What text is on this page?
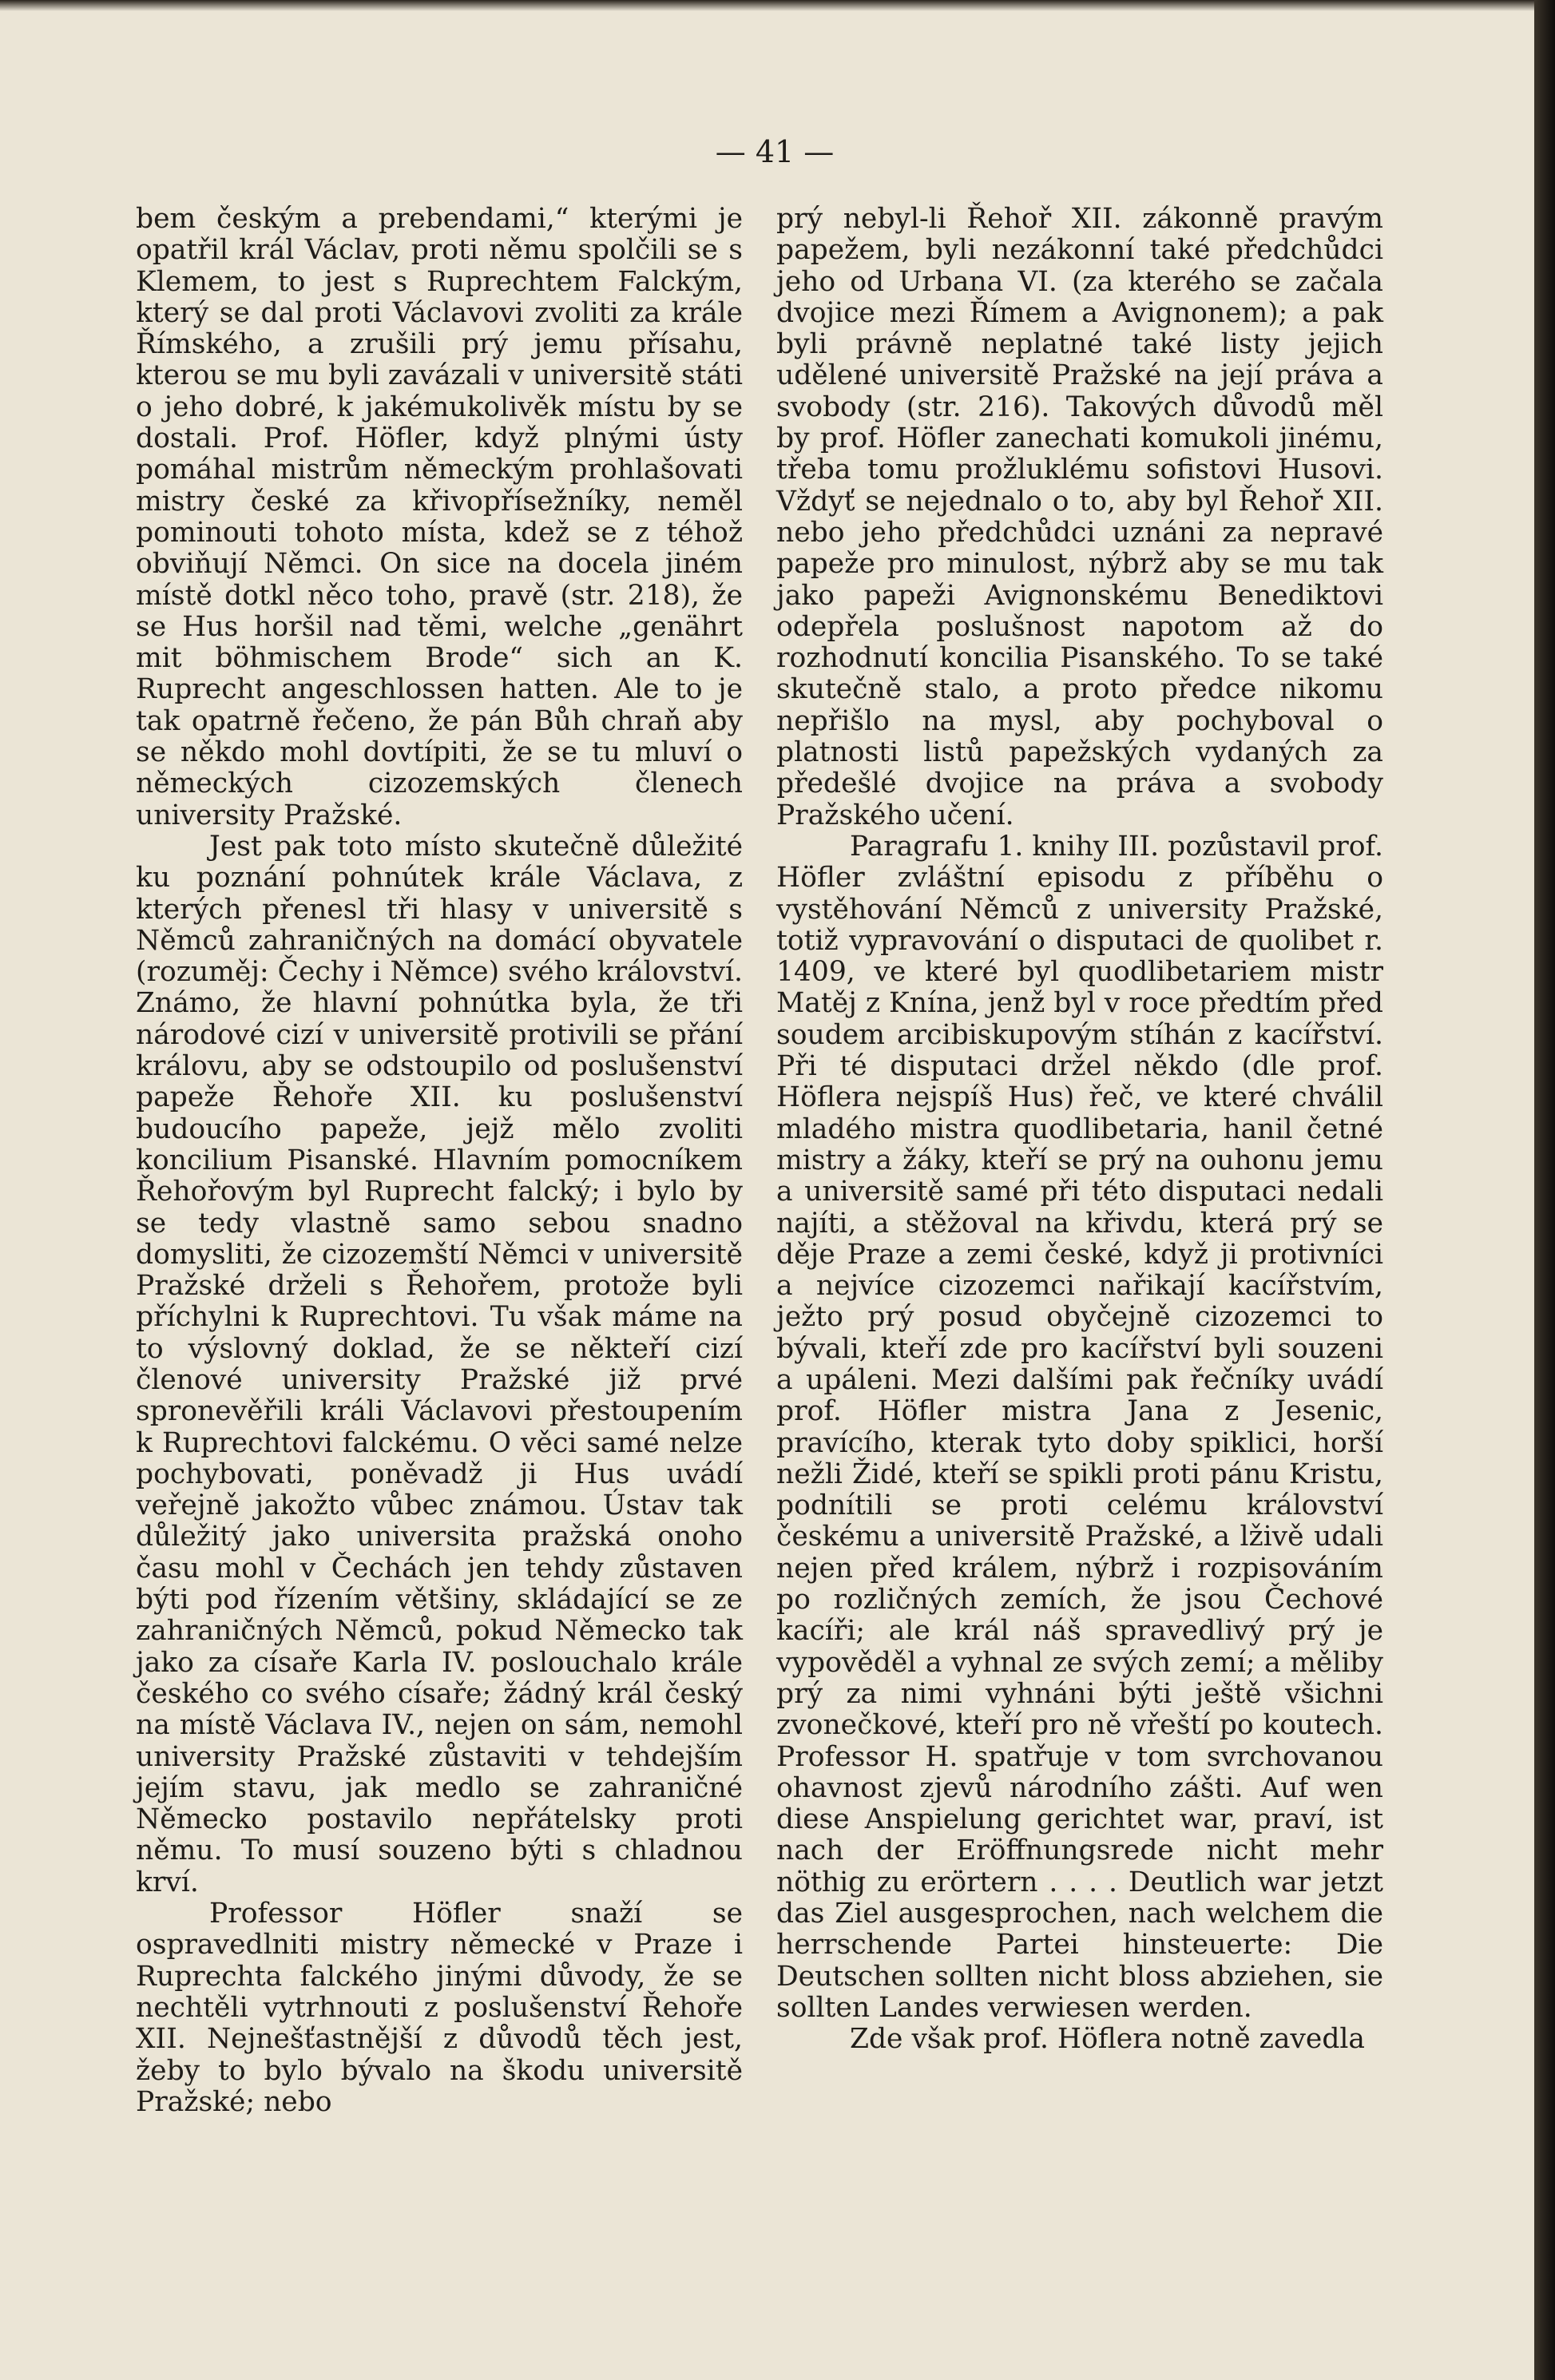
— 41 —

bem českým a prebendami,“ kterými je opatřil král Václav, proti němu spolčili se s Klemem, to jest s Ruprechtem Falckým, který se dal proti Václavovi zvoliti za krále Římského, a zrušili prý jemu přísahu, kterou se mu byli zavázali v universitě státi o jeho dobré, k jakémukolivěk místu by se dostali. Prof. Höfler, když plnými ústy pomáhal mistrům německým prohlašovati mistry české za křivopřísežníky, neměl pominouti tohoto místa, kdež se z téhož obviňují Němci. On sice na docela jiném místě dotkl něco toho, pravě (str. 218), že se Hus horšil nad těmi, welche „genährt mit böhmischem Brode“ sich an K. Ruprecht angeschlossen hatten. Ale to je tak opatrně řečeno, že pán Bůh chraň aby se někdo mohl dovtípiti, že se tu mluví o německých cizozemských členech university Pražské.

Jest pak toto místo skutečně důležité ku poznání pohnútek krále Václava, z kterých přenesl tři hlasy v universitě s Němců zahraničných na domácí obyvatele (rozuměj: Čechy i Němce) svého království. Známo, že hlavní pohnútka byla, že tři národové cizí v universitě protivili se přání královu, aby se odstoupilo od poslušenství papeže Řehoře XII. ku poslušenství budoucího papeže, jejž mělo zvoliti koncilium Pisanské. Hlavním pomocníkem Řehořovým byl Ruprecht falcký; i bylo by se tedy vlastně samo sebou snadno domysliti, že cizozemští Němci v universitě Pražské drželi s Řehořem, protože byli příchylni k Ruprechtovi. Tu však máme na to výslovný doklad, že se někteří cizí členové university Pražské již prvé spronevěřili králi Václavovi přestoupením k Ruprechtovi falckému. O věci samé nelze pochybovati, poněvadž ji Hus uvádí veřejně jakožto vůbec známou. Ústav tak důležitý jako universita pražská onoho času mohl v Čechách jen tehdy zůstaven býti pod řízením většiny, skládající se ze zahraničných Němců, pokud Německo tak jako za císaře Karla IV. poslouchalo krále českého co svého císaře; žádný král český na místě Václava IV., nejen on sám, nemohl university Pražské zůstaviti v tehdejším jejím stavu, jak medlo se zahraničné Německo postavilo nepřátelsky proti němu. To musí souzeno býti s chladnou krví.

Professor Höfler snaží se ospravedlniti mistry německé v Praze i Ruprechta falckého jinými důvody, že se nechtěli vytrhnouti z poslušenství Řehoře XII. Nejnešťastnější z důvodů těch jest, žeby to bylo bývalo na škodu universitě Pražské; nebo

prý nebyl-li Řehoř XII. zákonně pravým papežem, byli nezákonní také předchůdci jeho od Urbana VI. (za kterého se začala dvojice mezi Římem a Avignonem); a pak byli právně neplatné také listy jejich udělené universitě Pražské na její práva a svobody (str. 216). Takových důvodů měl by prof. Höfler zanechati komukoli jinému, třeba tomu prožluklému sofistovi Husovi. Vždyť se nejednalo o to, aby byl Řehoř XII. nebo jeho předchůdci uznáni za nepravé papeže pro minulost, nýbrž aby se mu tak jako papeži Avignonskému Benediktovi odepřela poslušnost napotom až do rozhodnutí koncilia Pisanského. To se také skutečně stalo, a proto předce nikomu nepřišlo na mysl, aby pochyboval o platnosti listů papežských vydaných za předešlé dvojice na práva a svobody Pražského učení.

Paragrafu 1. knihy III. pozůstavil prof. Höfler zvláštní episodu z příběhu o vystěhování Němců z university Pražské, totiž vypravování o disputaci de quolibet r. 1409, ve které byl quodlibetariem mistr Matěj z Knína, jenž byl v roce předtím před soudem arcibiskupovým stíhán z kacířství. Při té disputaci držel někdo (dle prof. Höflera nejspíš Hus) řeč, ve které chválil mladého mistra quodlibetaria, hanil četné mistry a žáky, kteří se prý na ouhonu jemu a universitě samé při této disputaci nedali najíti, a stěžoval na křivdu, která prý se děje Praze a zemi české, když ji protivníci a nejvíce cizozemci nařikají kacířstvím, ježto prý posud obyčejně cizozemci to bývali, kteří zde pro kacířství byli souzeni a upáleni. Mezi dalšími pak řečníky uvádí prof. Höfler mistra Jana z Jesenic, pravícího, kterak tyto doby spiklici, horší nežli Židé, kteří se spikli proti pánu Kristu, podnítili se proti celému království českému a universitě Pražské, a lživě udali nejen před králem, nýbrž i rozpisováním po rozličných zemích, že jsou Čechové kacíři; ale král náš spravedlivý prý je vypověděl a vyhnal ze svých zemí; a měliby prý za nimi vyhnáni býti ještě všichni zvonečkové, kteří pro ně vřeští po koutech. Professor H. spatřuje v tom svrchovanou ohavnost zjevů národního zášti. Auf wen diese Anspielung gerichtet war, praví, ist nach der Eröffnungsrede nicht mehr nöthig zu erörtern . . . . Deutlich war jetzt das Ziel ausgesprochen, nach welchem die herrschende Partei hinsteuerte: Die Deutschen sollten nicht bloss abziehen, sie sollten Landes verwiesen werden.

Zde však prof. Höflera notně zavedla
